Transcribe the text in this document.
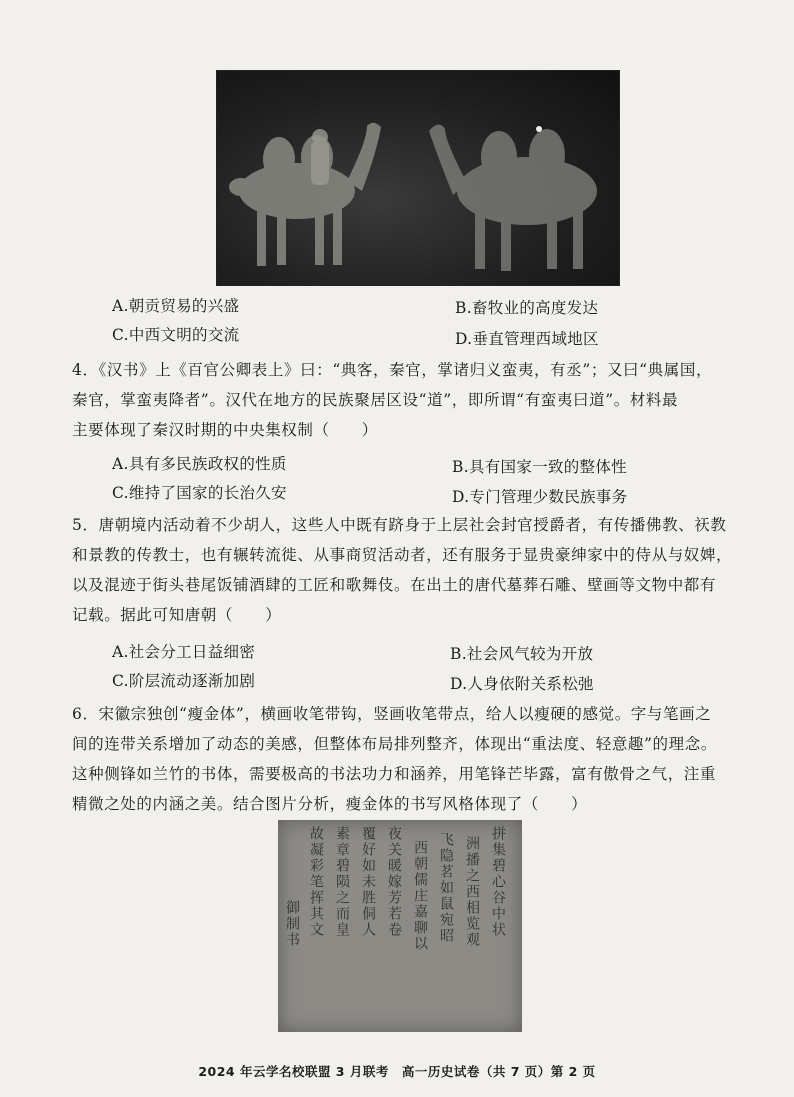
A.朝贡贸易的兴盛	B.畜牧业的高度发达
C.中西文明的交流	D.垂直管理西域地区
4．《汉书》上《百官公卿表上》曰：“典客，秦官，掌诸归义蛮夷，有丞”；又曰“典属国，
秦官，掌蛮夷降者”。汉代在地方的民族聚居区设“道”，即所谓“有蛮夷曰道”。材料最
主要体现了秦汉时期的中央集权制（　　）
A.具有多民族政权的性质	B.具有国家一致的整体性
C.维持了国家的长治久安	D.专门管理少数民族事务
5．唐朝境内活动着不少胡人，这些人中既有跻身于上层社会封官授爵者，有传播佛教、祆教
和景教的传教士，也有辗转流徙、从事商贸活动者，还有服务于显贵豪绅家中的侍从与奴婢，
以及混迹于街头巷尾饭铺酒肆的工匠和歌舞伎。在出土的唐代墓葬石雕、壁画等文物中都有
记载。据此可知唐朝（　　）
A.社会分工日益细密	B.社会风气较为开放
C.阶层流动逐渐加剧	D.人身依附关系松弛
6．宋徽宗独创“瘦金体”，横画收笔带钩，竖画收笔带点，给人以瘦硬的感觉。字与笔画之
间的连带关系增加了动态的美感，但整体布局排列整齐，体现出“重法度、轻意趣”的理念。
这种侧锋如兰竹的书体，需要极高的书法功力和涵养，用笔锋芒毕露，富有傲骨之气，注重
精微之处的内涵之美。结合图片分析，瘦金体的书写风格体现了（　　）
御制书 故凝彩笔挥其文 素章碧陨之而皇 覆好如未胜侗人 夜关暖嫁芳若卷 西朝儒庄嘉聊以 飞隐茗如鼠宛昭 洲播之西相览观 拼集碧心谷中状
2024 年云学名校联盟 3 月联考　高一历史试卷（共 7 页）第 2 页
